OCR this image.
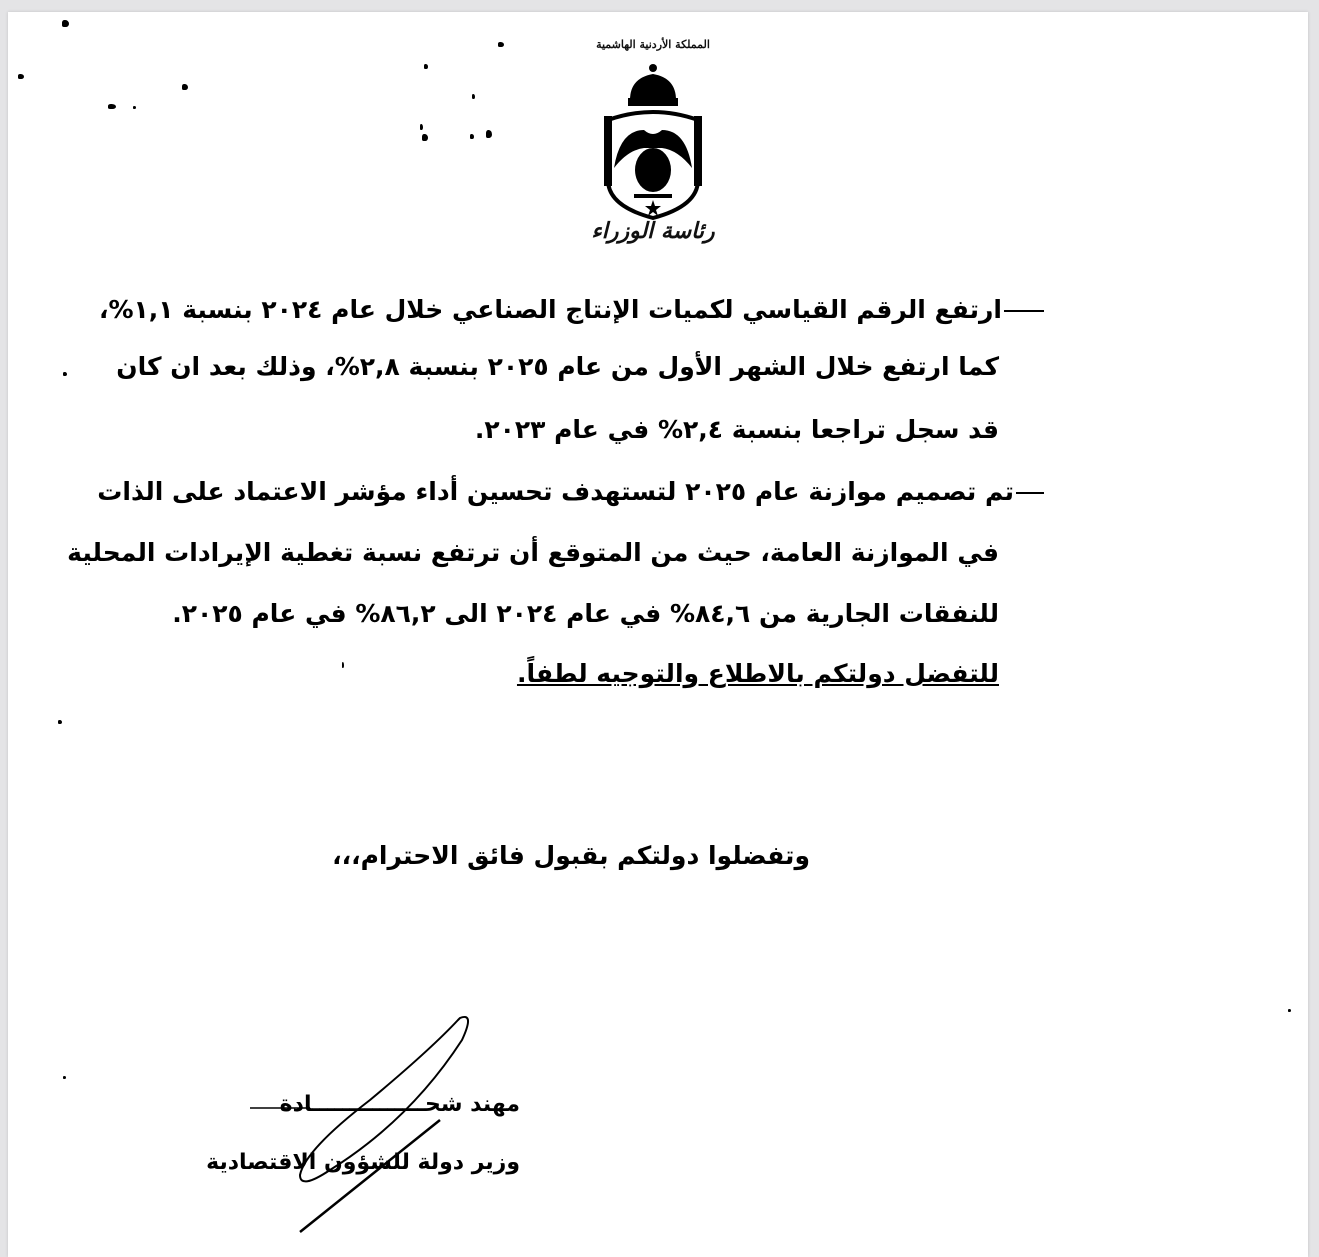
المملكة الأردنية الهاشمية
رئاسة الوزراء
ارتفع الرقم القياسي لكميات الإنتاج الصناعي خلال عام ٢٠٢٤ بنسبة ١,١%،
كما ارتفع خلال الشهر الأول من عام ٢٠٢٥ بنسبة ٢,٨%، وذلك بعد ان كان
قد سجل تراجعا بنسبة ٢,٤% في عام ٢٠٢٣.
تم تصميم موازنة عام ٢٠٢٥ لتستهدف تحسين أداء مؤشر الاعتماد على الذات
في الموازنة العامة، حيث من المتوقع أن ترتفع نسبة تغطية الإيرادات المحلية
للنفقات الجارية من ٨٤,٦% في عام ٢٠٢٤ الى ٨٦,٢% في عام ٢٠٢٥.
للتفضل دولتكم بالاطلاع والتوجيه لطفاً.
وتفضلوا دولتكم بقبول فائق الاحترام،،،
مهند شحـــــــــــــــادة
وزير دولة للشؤون الاقتصادية
